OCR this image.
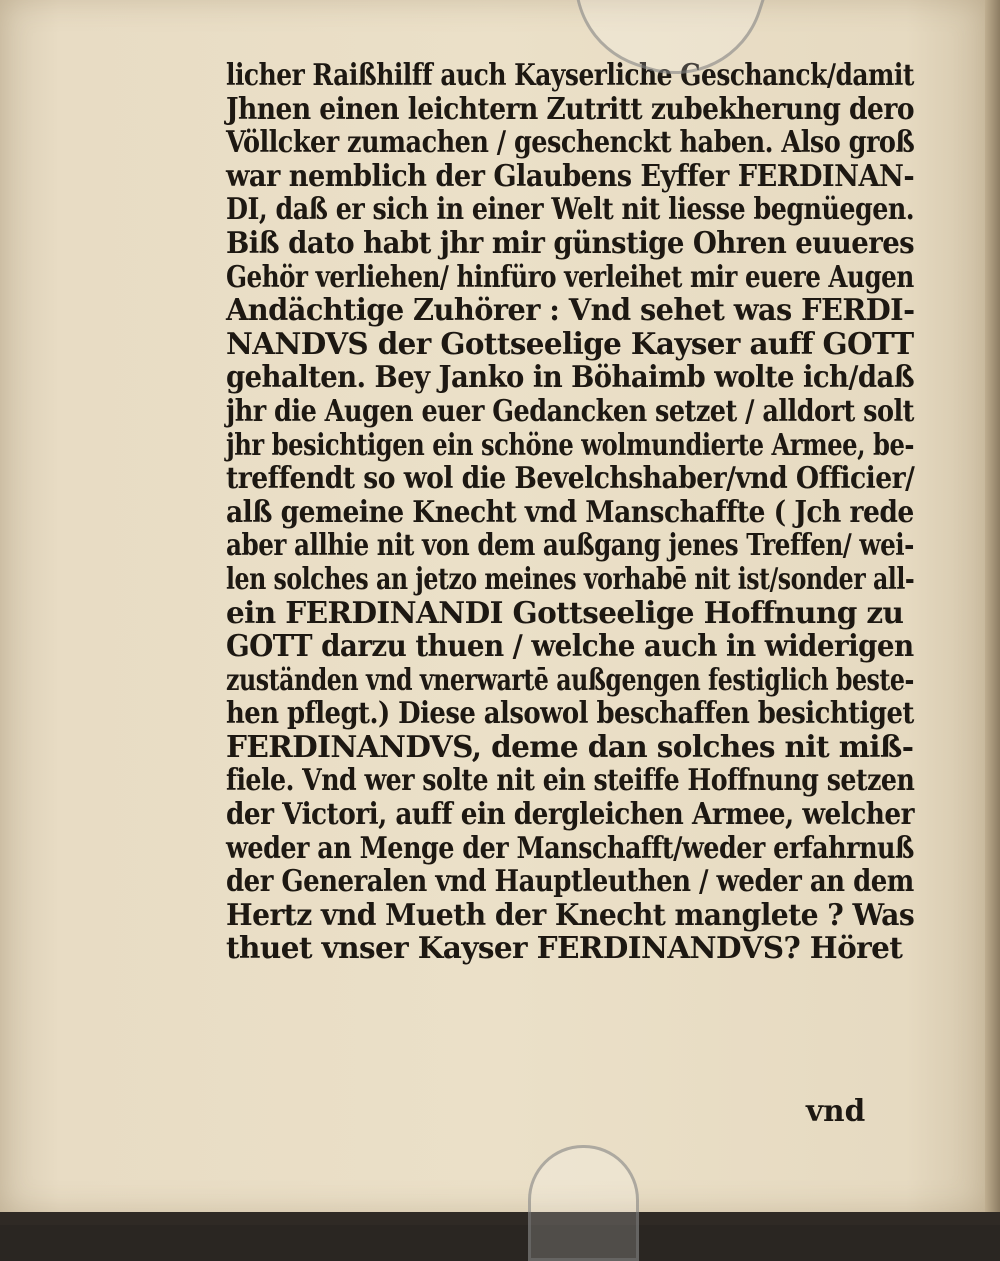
licher Raißhilff auch Kayserliche Geschanck/damit
Jhnen einen leichtern Zutritt zubekherung dero
Völlcker zumachen / geschenckt haben. Also groß
war nemblich der Glaubens Eyffer FERDINAN-
DI, daß er sich in einer Welt nit liesse begnüegen.
Biß dato habt jhr mir günstige Ohren euueres
Gehör verliehen/ hinfüro verleihet mir euere Augen
Andächtige Zuhörer : Vnd sehet was FERDI-
NANDVS der Gottseelige Kayser auff GOTT
gehalten. Bey Janko in Böhaimb wolte ich/daß
jhr die Augen euer Gedancken setzet / alldort solt
jhr besichtigen ein schöne wolmundierte Armee, be-
treffendt so wol die Bevelchshaber/vnd Officier/
alß gemeine Knecht vnd Manschaffte ( Jch rede
aber allhie nit von dem außgang jenes Treffen/ wei-
len solches an jetzo meines vorhabē nit ist/sonder all-
ein FERDINANDI Gottseelige Hoffnung zu
GOTT darzu thuen / welche auch in widerigen
zuständen vnd vnerwartē außgengen festiglich beste-
hen pflegt.) Diese alsowol beschaffen besichtiget
FERDINANDVS, deme dan solches nit miß-
fiele. Vnd wer solte nit ein steiffe Hoffnung setzen
der Victori, auff ein dergleichen Armee, welcher
weder an Menge der Manschafft/weder erfahrnuß
der Generalen vnd Hauptleuthen / weder an dem
Hertz vnd Mueth der Knecht manglete ? Was
thuet vnser Kayser FERDINANDVS? Höret
vnd
